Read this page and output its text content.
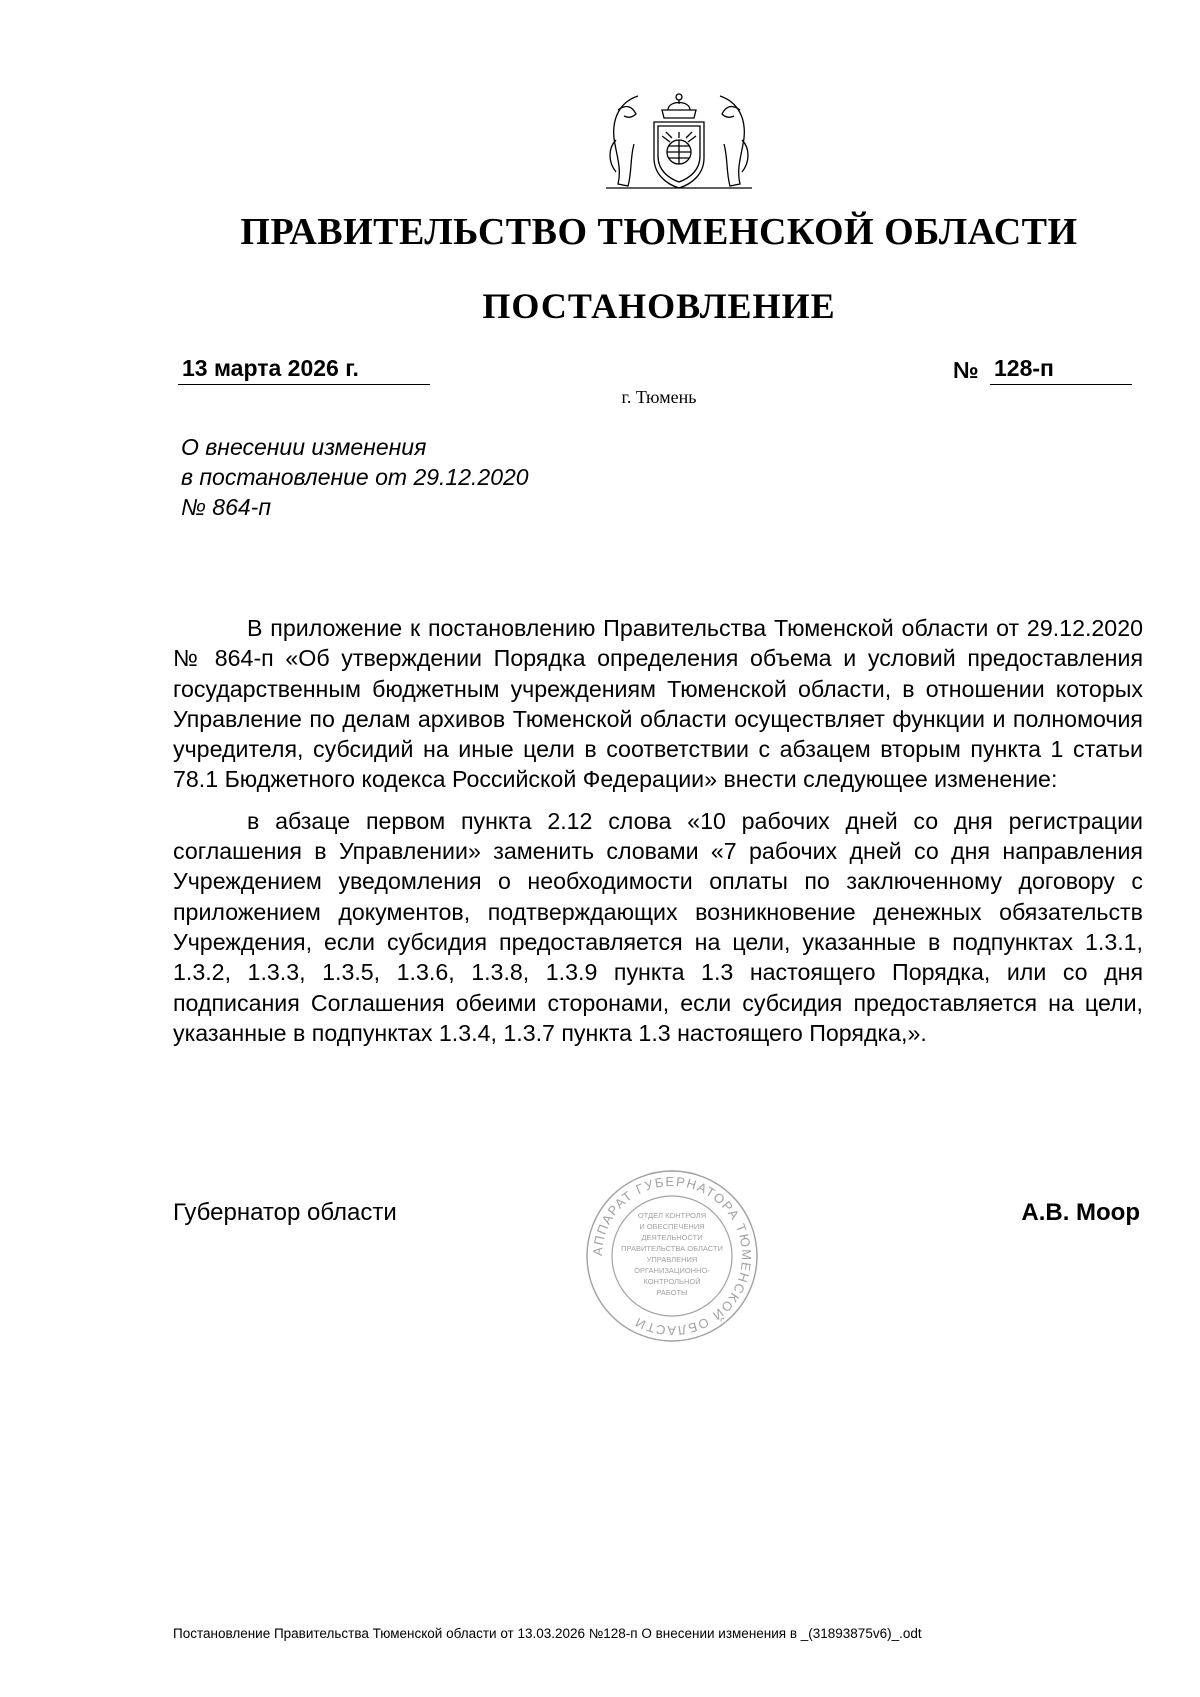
ПРАВИТЕЛЬСТВО ТЮМЕНСКОЙ ОБЛАСТИ
ПОСТАНОВЛЕНИЕ
13 марта 2026 г.	№ 128-п
г. Тюмень
О внесении изменения
в постановление от 29.12.2020
№ 864-п

В приложение к постановлению Правительства Тюменской области от 29.12.2020 № 864-п «Об утверждении Порядка определения объема и условий предоставления государственным бюджетным учреждениям Тюменской области, в отношении которых Управление по делам архивов Тюменской области осуществляет функции и полномочия учредителя, субсидий на иные цели в соответствии с абзацем вторым пункта 1 статьи 78.1 Бюджетного кодекса Российской Федерации» внести следующее изменение:

в абзаце первом пункта 2.12 слова «10 рабочих дней со дня регистрации соглашения в Управлении» заменить словами «7 рабочих дней со дня направления Учреждением уведомления о необходимости оплаты по заключенному договору с приложением документов, подтверждающих возникновение денежных обязательств Учреждения, если субсидия предоставляется на цели, указанные в подпунктах 1.3.1, 1.3.2, 1.3.3, 1.3.5, 1.3.6, 1.3.8, 1.3.9 пункта 1.3 настоящего Порядка, или со дня подписания Соглашения обеими сторонами, если субсидия предоставляется на цели, указанные в подпунктах 1.3.4, 1.3.7 пункта 1.3 настоящего Порядка,».

Губернатор области	А.В. Моор
АППАРАТ ГУБЕРНАТОРА ТЮМЕНСКОЙ ОБЛАСТИ
ОТДЕЛ КОНТРОЛЯ
И ОБЕСПЕЧЕНИЯ
ДЕЯТЕЛЬНОСТИ
ПРАВИТЕЛЬСТВА ОБЛАСТИ
УПРАВЛЕНИЯ
ОРГАНИЗАЦИОННО-
КОНТРОЛЬНОЙ
РАБОТЫ
Постановление Правительства Тюменской области от 13.03.2026 №128-п О внесении изменения в _(31893875v6)_.odt
